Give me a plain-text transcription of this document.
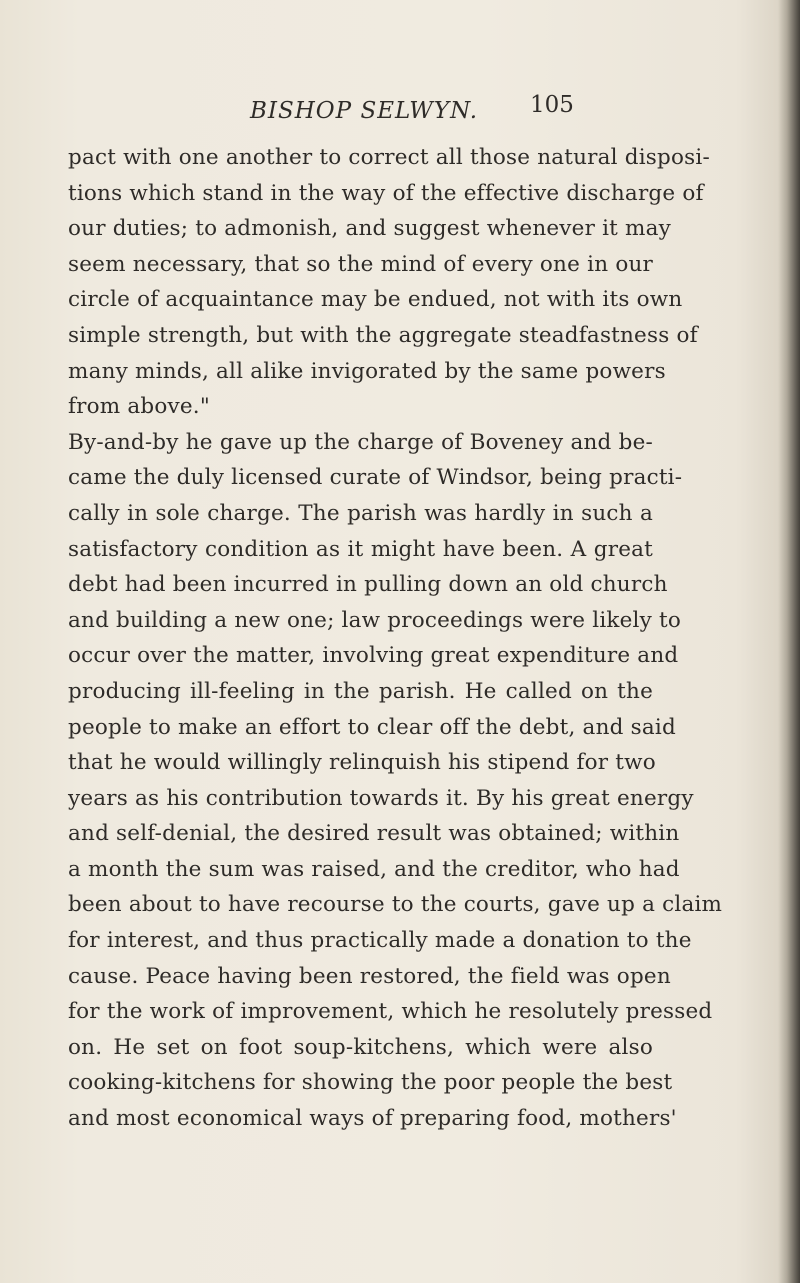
BISHOP SELWYN. 105
pact with one another to correct all those natural disposi-
tions which stand in the way of the effective discharge of
our duties; to admonish, and suggest whenever it may
seem necessary, that so the mind of every one in our
circle of acquaintance may be endued, not with its own
simple strength, but with the aggregate steadfastness of
many minds, all alike invigorated by the same powers
from above."
By-and-by he gave up the charge of Boveney and be-
came the duly licensed curate of Windsor, being practi-
cally in sole charge. The parish was hardly in such a
satisfactory condition as it might have been. A great
debt had been incurred in pulling down an old church
and building a new one; law proceedings were likely to
occur over the matter, involving great expenditure and
producing ill-feeling in the parish. He called on the
people to make an effort to clear off the debt, and said
that he would willingly relinquish his stipend for two
years as his contribution towards it. By his great energy
and self-denial, the desired result was obtained; within
a month the sum was raised, and the creditor, who had
been about to have recourse to the courts, gave up a claim
for interest, and thus practically made a donation to the
cause. Peace having been restored, the field was open
for the work of improvement, which he resolutely pressed
on. He set on foot soup-kitchens, which were also
cooking-kitchens for showing the poor people the best
and most economical ways of preparing food, mothers'
